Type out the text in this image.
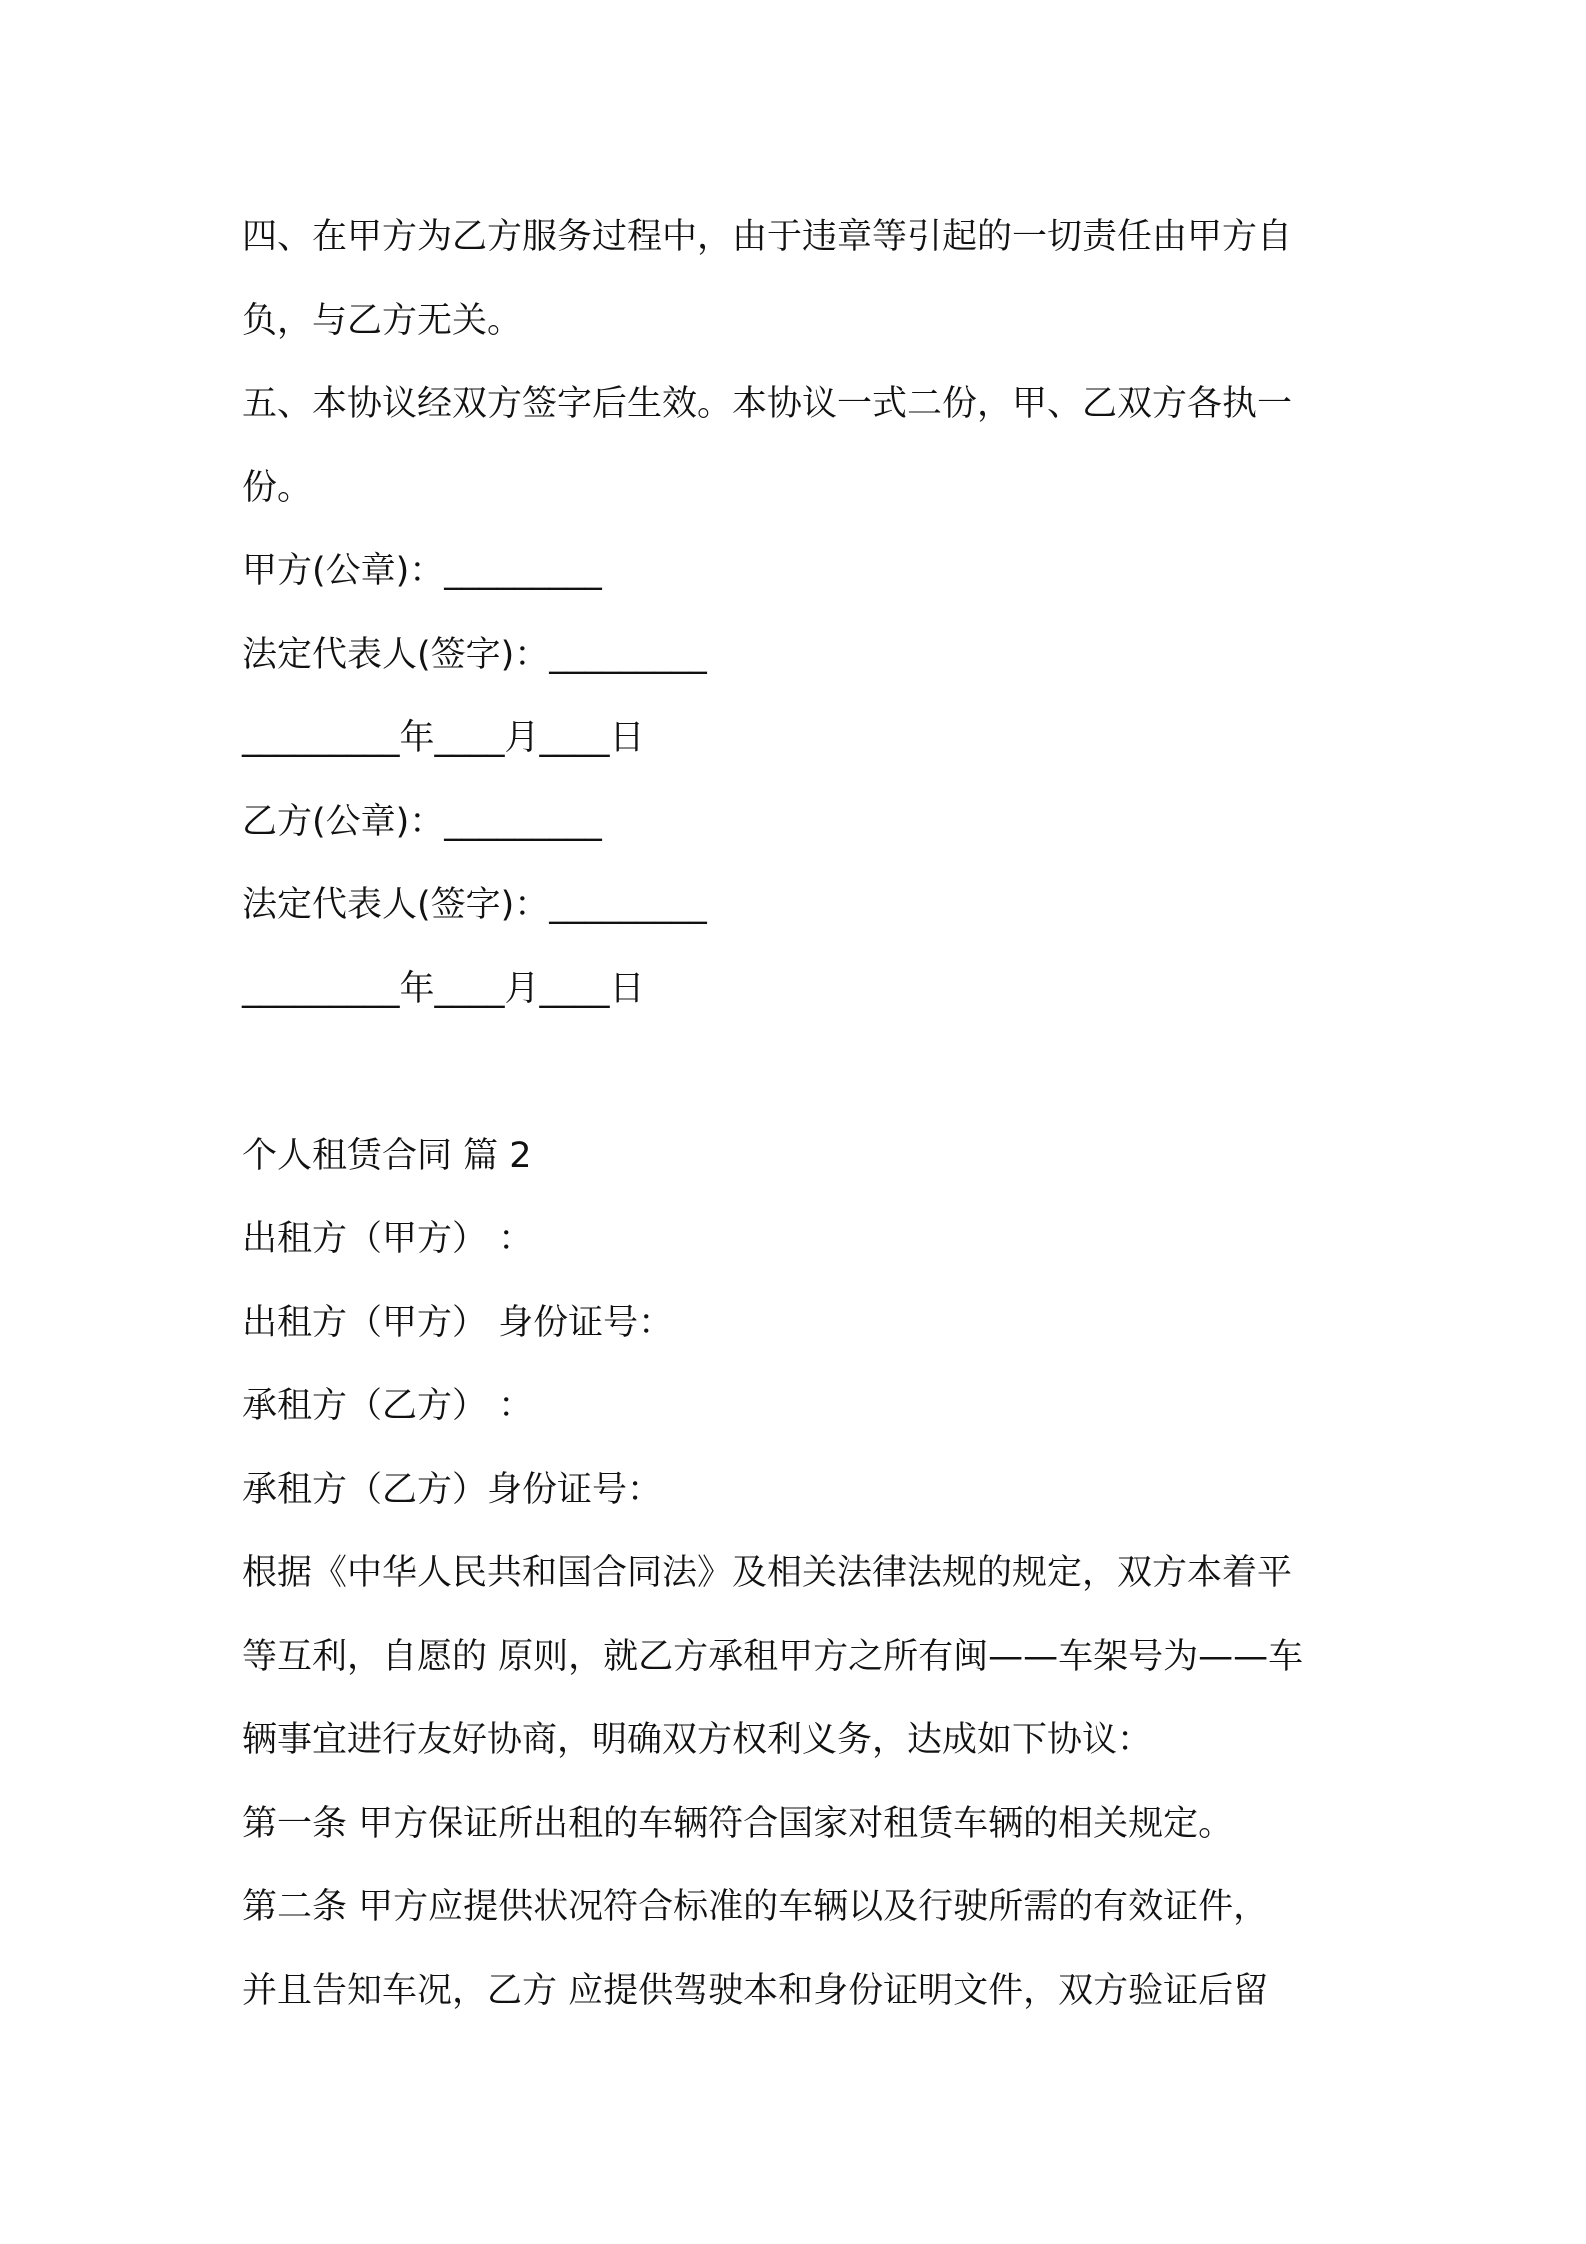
四、在甲方为乙方服务过程中，由于违章等引起的一切责任由甲方自
负，与乙方无关。
五、本协议经双方签字后生效。本协议一式二份，甲、乙双方各执一
份。
甲方(公章)：_________
法定代表人(签字)：_________
_________年____月____日
乙方(公章)：_________
法定代表人(签字)：_________
_________年____月____日
个人租赁合同 篇 2
出租方（甲方） ：
出租方（甲方） 身份证号：
承租方（乙方） ：
承租方（乙方）身份证号：
根据《中华人民共和国合同法》及相关法律法规的规定，双方本着平
等互利，自愿的 原则，就乙方承租甲方之所有闽——车架号为——车
辆事宜进行友好协商，明确双方权利义务，达成如下协议：
第一条 甲方保证所出租的车辆符合国家对租赁车辆的相关规定。
第二条 甲方应提供状况符合标准的车辆以及行驶所需的有效证件，
并且告知车况，乙方 应提供驾驶本和身份证明文件，双方验证后留
